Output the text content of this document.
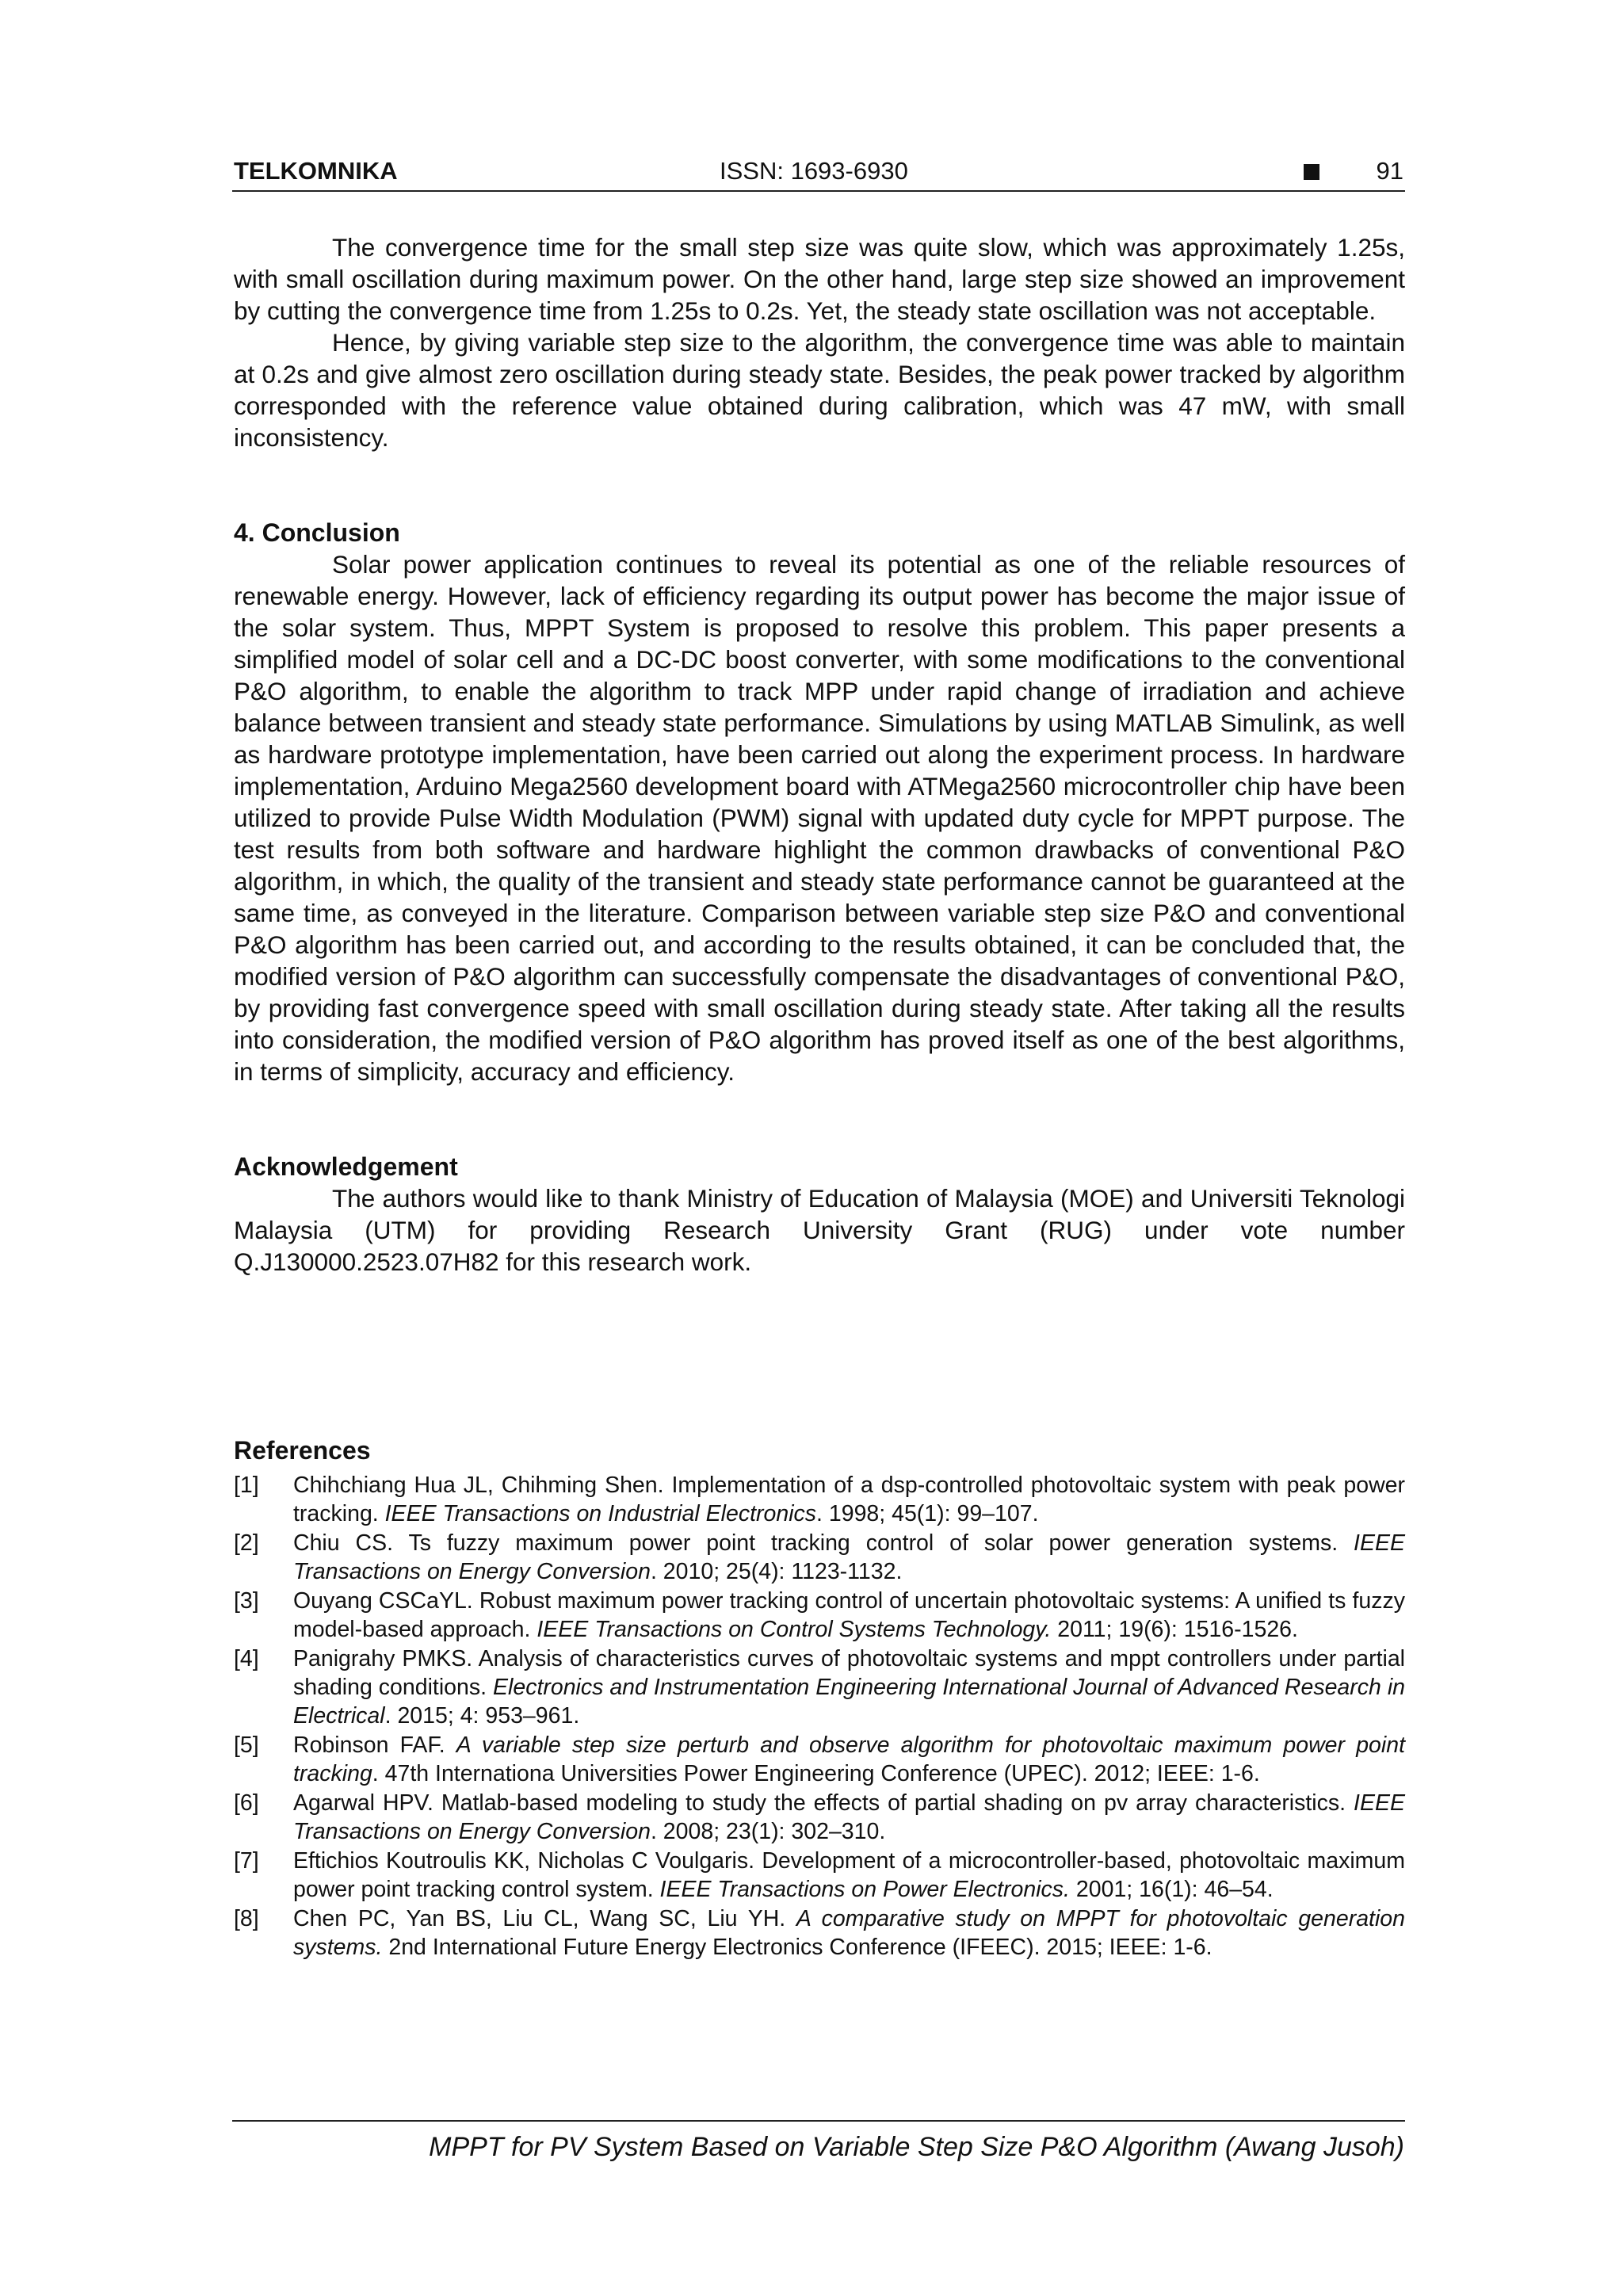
TELKOMNIKA	ISSN: 1693-6930	91

The convergence time for the small step size was quite slow, which was approximately 1.25s, with small oscillation during maximum power. On the other hand, large step size showed an improvement by cutting the convergence time from 1.25s to 0.2s. Yet, the steady state oscillation was not acceptable.

Hence, by giving variable step size to the algorithm, the convergence time was able to maintain at 0.2s and give almost zero oscillation during steady state. Besides, the peak power tracked by algorithm corresponded with the reference value obtained during calibration, which was 47 mW, with small inconsistency.

4. Conclusion

Solar power application continues to reveal its potential as one of the reliable resources of renewable energy. However, lack of efficiency regarding its output power has become the major issue of the solar system. Thus, MPPT System is proposed to resolve this problem. This paper presents a simplified model of solar cell and a DC-DC boost converter, with some modifications to the conventional P&O algorithm, to enable the algorithm to track MPP under rapid change of irradiation and achieve balance between transient and steady state performance. Simulations by using MATLAB Simulink, as well as hardware prototype implementation, have been carried out along the experiment process. In hardware implementation, Arduino Mega2560 development board with ATMega2560 microcontroller chip have been utilized to provide Pulse Width Modulation (PWM) signal with updated duty cycle for MPPT purpose. The test results from both software and hardware highlight the common drawbacks of conventional P&O algorithm, in which, the quality of the transient and steady state performance cannot be guaranteed at the same time, as conveyed in the literature. Comparison between variable step size P&O and conventional P&O algorithm has been carried out, and according to the results obtained, it can be concluded that, the modified version of P&O algorithm can successfully compensate the disadvantages of conventional P&O, by providing fast convergence speed with small oscillation during steady state. After taking all the results into consideration, the modified version of P&O algorithm has proved itself as one of the best algorithms, in terms of simplicity, accuracy and efficiency.

Acknowledgement

The authors would like to thank Ministry of Education of Malaysia (MOE) and Universiti Teknologi Malaysia (UTM) for providing Research University Grant (RUG) under vote number Q.J130000.2523.07H82 for this research work.

References

[1] Chihchiang Hua JL, Chihming Shen. Implementation of a dsp-controlled photovoltaic system with peak power tracking. IEEE Transactions on Industrial Electronics. 1998; 45(1): 99–107.
[2] Chiu CS. Ts fuzzy maximum power point tracking control of solar power generation systems. IEEE Transactions on Energy Conversion. 2010; 25(4): 1123-1132.
[3] Ouyang CSCaYL. Robust maximum power tracking control of uncertain photovoltaic systems: A unified ts fuzzy model-based approach. IEEE Transactions on Control Systems Technology. 2011; 19(6): 1516-1526.
[4] Panigrahy PMKS. Analysis of characteristics curves of photovoltaic systems and mppt controllers under partial shading conditions. Electronics and Instrumentation Engineering International Journal of Advanced Research in Electrical. 2015; 4: 953–961.
[5] Robinson FAF. A variable step size perturb and observe algorithm for photovoltaic maximum power point tracking. 47th Internationa Universities Power Engineering Conference (UPEC). 2012; IEEE: 1-6.
[6] Agarwal HPV. Matlab-based modeling to study the effects of partial shading on pv array characteristics. IEEE Transactions on Energy Conversion. 2008; 23(1): 302–310.
[7] Eftichios Koutroulis KK, Nicholas C Voulgaris. Development of a microcontroller-based, photovoltaic maximum power point tracking control system. IEEE Transactions on Power Electronics. 2001; 16(1): 46–54.
[8] Chen PC, Yan BS, Liu CL, Wang SC, Liu YH. A comparative study on MPPT for photovoltaic generation systems. 2nd International Future Energy Electronics Conference (IFEEC). 2015; IEEE: 1-6.
MPPT for PV System Based on Variable Step Size P&O Algorithm (Awang Jusoh)
